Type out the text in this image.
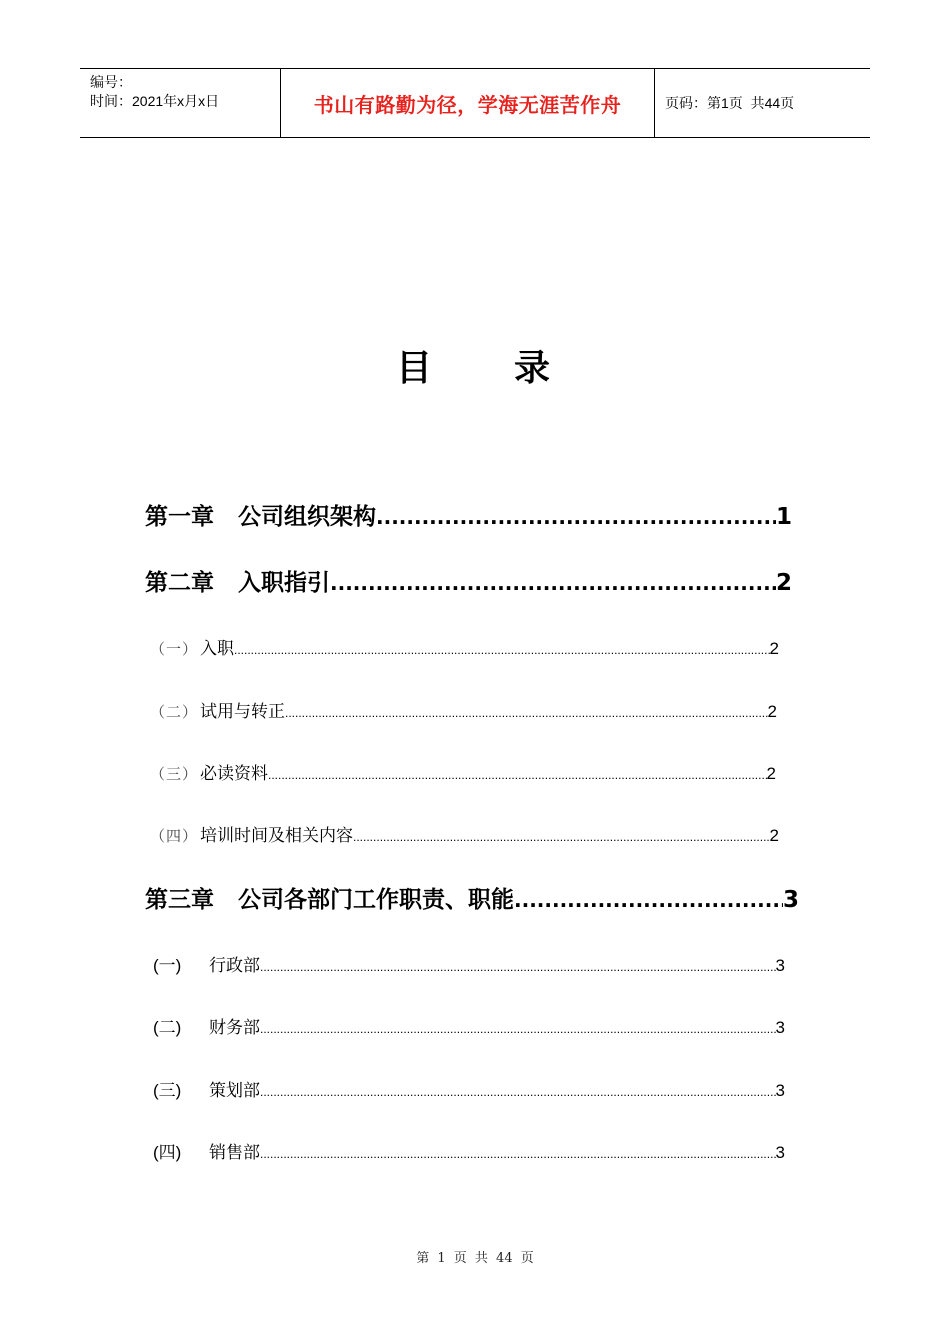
编号：
时间：2021年x月x日	书山有路勤为径，学海无涯苦作舟	页码：第1页  共44页
目 录
第一章 公司组织架构 .....	1
第二章 入职指引 .....	2
（一） 入职 .....	2
（二） 试用与转正 .....	2
（三） 必读资料 .....	2
（四） 培训时间及相关内容 .....	2
第三章 公司各部门工作职责、职能 .....	3
(一)	行政部 .....	3
(二)	财务部 .....	3
(三)	策划部 .....	3
(四)	销售部 .....	3
第 1 页 共 44 页
